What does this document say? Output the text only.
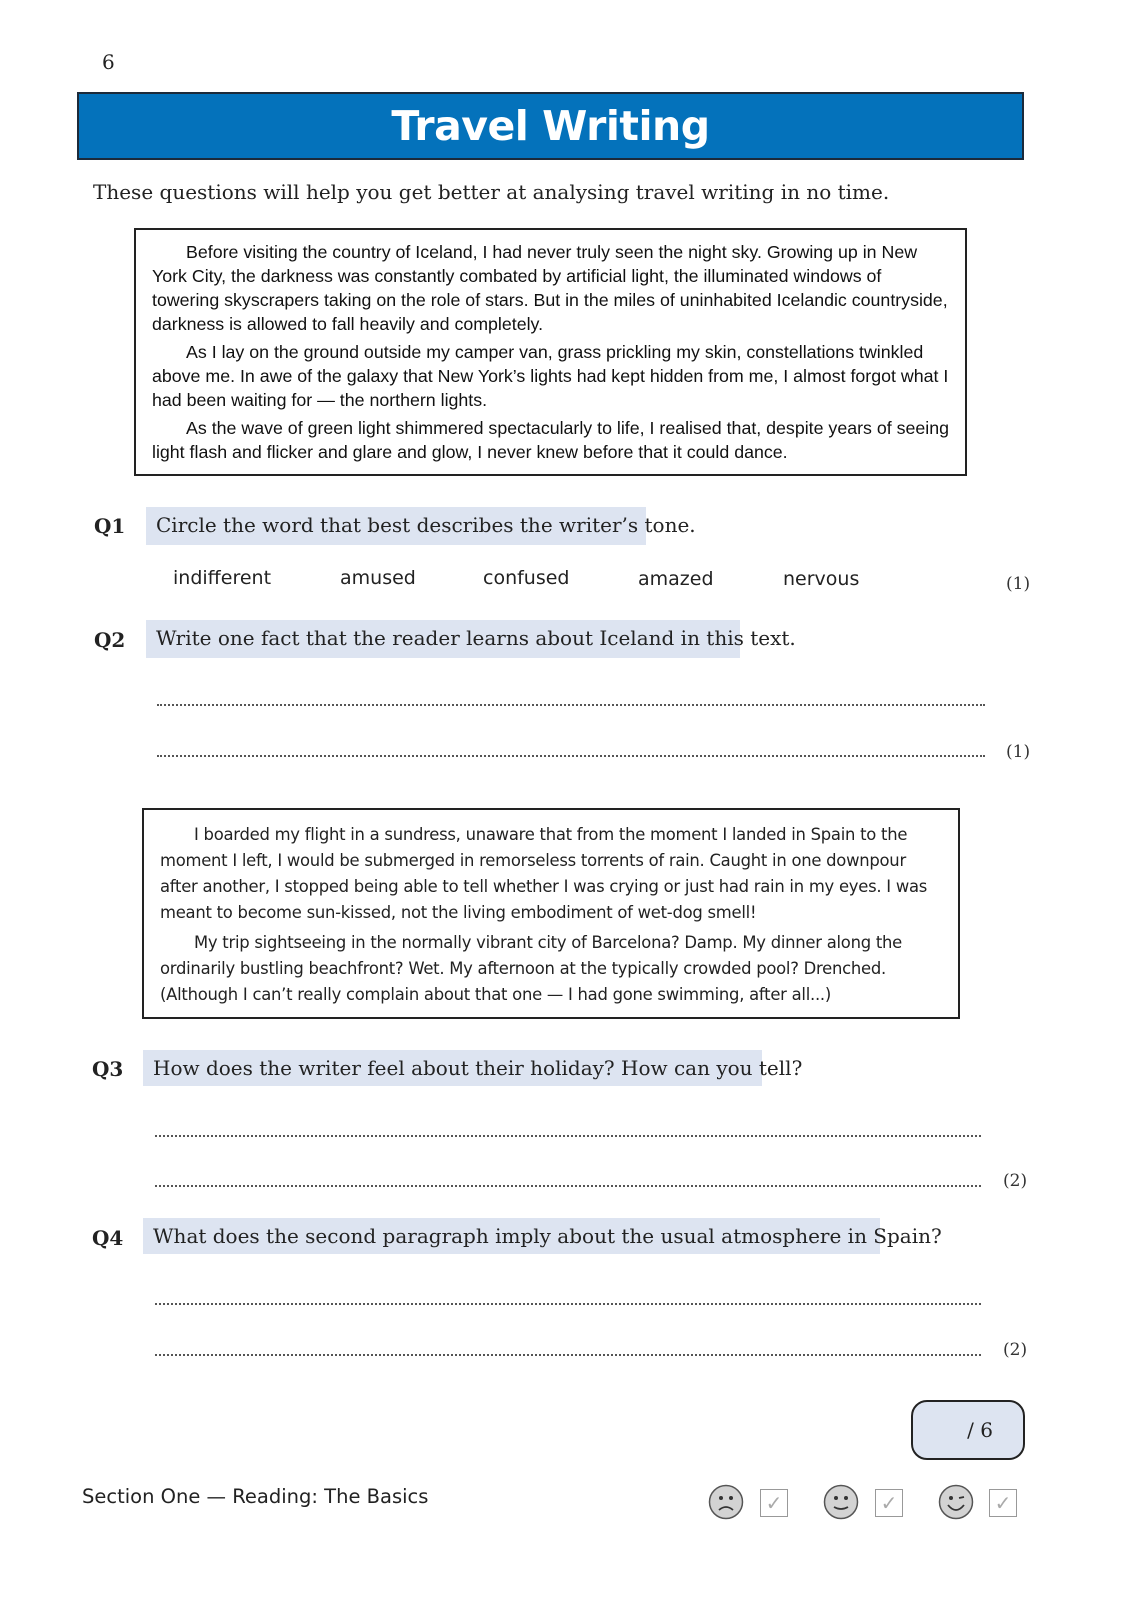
6
Travel Writing
These questions will help you get better at analysing travel writing in no time.

Before visiting the country of Iceland, I had never truly seen the night sky. Growing up in New York City, the darkness was constantly combated by artificial light, the illuminated windows of towering skyscrapers taking on the role of stars. But in the miles of uninhabited Icelandic countryside, darkness is allowed to fall heavily and completely.

As I lay on the ground outside my camper van, grass prickling my skin, constellations twinkled above me. In awe of the galaxy that New York’s lights had kept hidden from me, I almost forgot what I had been waiting for — the northern lights.

As the wave of green light shimmered spectacularly to life, I realised that, despite years of seeing light flash and flicker and glare and glow, I never knew before that it could dance.

Q1	Circle the word that best describes the writer’s tone.
indifferent	amused	confused	amazed	nervous	(1)
Q2	Write one fact that the reader learns about Iceland in this text.
(1)

I boarded my flight in a sundress, unaware that from the moment I landed in Spain to the moment I left, I would be submerged in remorseless torrents of rain. Caught in one downpour after another, I stopped being able to tell whether I was crying or just had rain in my eyes. I was meant to become sun-kissed, not the living embodiment of wet-dog smell!

My trip sightseeing in the normally vibrant city of Barcelona? Damp. My dinner along the ordinarily bustling beachfront? Wet. My afternoon at the typically crowded pool? Drenched. (Although I can’t really complain about that one — I had gone swimming, after all...)

Q3	How does the writer feel about their holiday? How can you tell?
(2)
Q4	What does the second paragraph imply about the usual atmosphere in Spain?
(2)
/ 6
Section One — Reading: The Basics	✓	✓	✓
